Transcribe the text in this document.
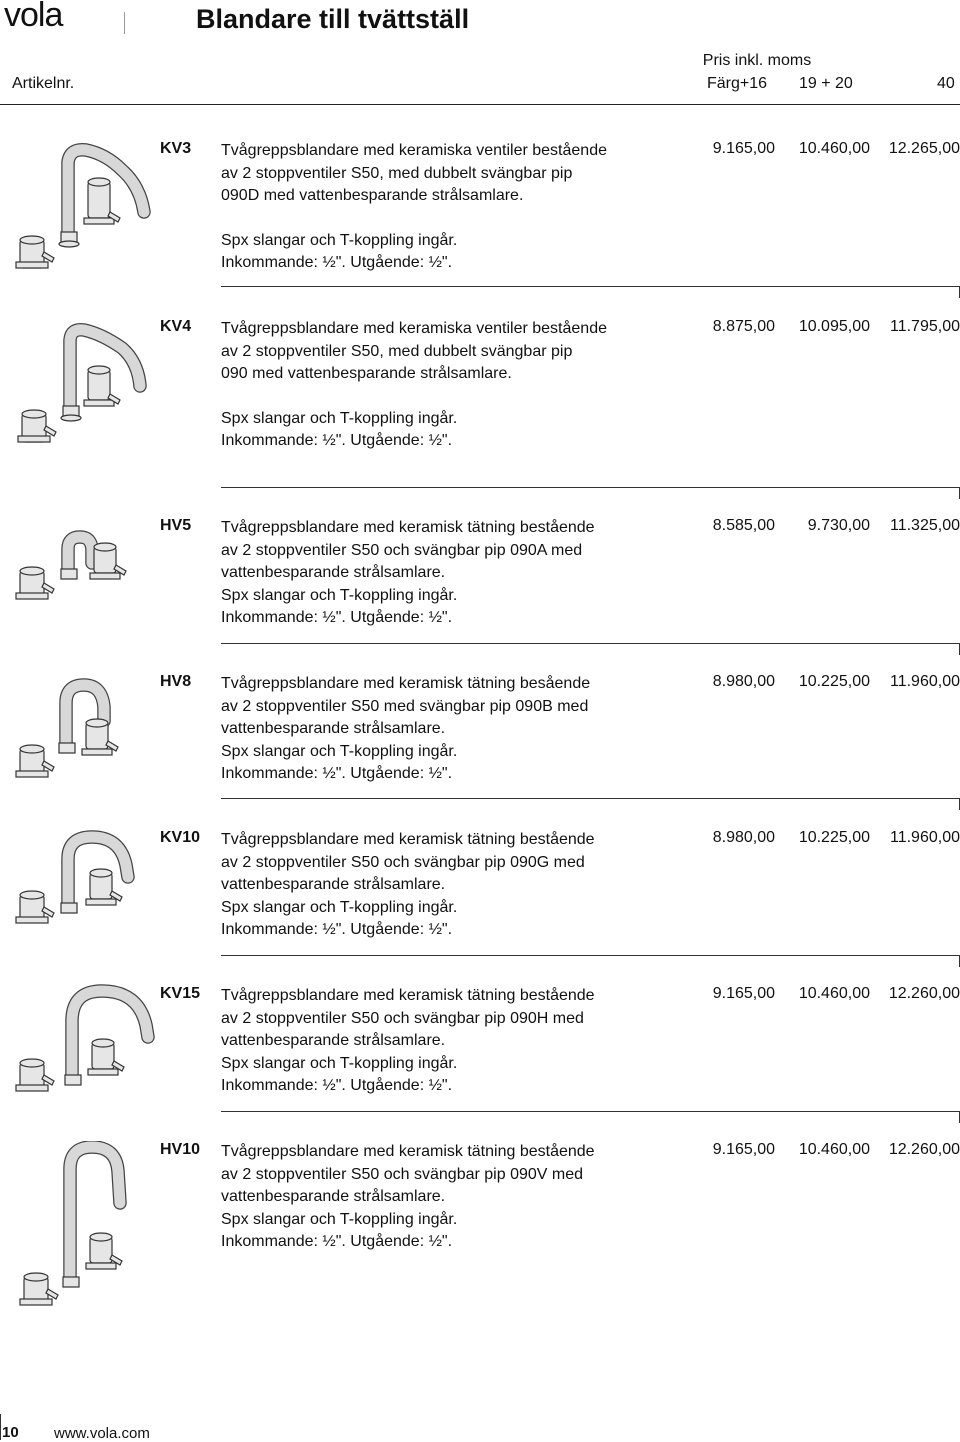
vola	Blandare till tvättställ
Pris inkl. moms
Artikelnr.	Färg+16 19 + 20	40
KV3 Tvågreppsblandare med keramiska ventiler bestående
av 2 stoppventiler S50, med dubbelt svängbar pip
090D med vattenbesparande strålsamlare.
Spx slangar och T-koppling ingår.
Inkommande: ½". Utgående: ½".
9.165,00 10.460,00 12.265,00
KV4 Tvågreppsblandare med keramiska ventiler bestående
av 2 stoppventiler S50, med dubbelt svängbar pip
090 med vattenbesparande strålsamlare.
Spx slangar och T-koppling ingår.
Inkommande: ½". Utgående: ½".
8.875,00 10.095,00 11.795,00
HV5 Tvågreppsblandare med keramisk tätning bestående
av 2 stoppventiler S50 och svängbar pip 090A med
vattenbesparande strålsamlare.
Spx slangar och T-koppling ingår.
Inkommande: ½". Utgående: ½".
8.585,00 9.730,00 11.325,00
HV8 Tvågreppsblandare med keramisk tätning besående
av 2 stoppventiler S50 med svängbar pip 090B med
vattenbesparande strålsamlare.
Spx slangar och T-koppling ingår.
Inkommande: ½". Utgående: ½".
8.980,00 10.225,00 11.960,00
KV10 Tvågreppsblandare med keramisk tätning bestående
av 2 stoppventiler S50 och svängbar pip 090G med
vattenbesparande strålsamlare.
Spx slangar och T-koppling ingår.
Inkommande: ½". Utgående: ½".
8.980,00 10.225,00 11.960,00
KV15 Tvågreppsblandare med keramisk tätning bestående
av 2 stoppventiler S50 och svängbar pip 090H med
vattenbesparande strålsamlare.
Spx slangar och T-koppling ingår.
Inkommande: ½". Utgående: ½".
9.165,00 10.460,00 12.260,00
HV10 Tvågreppsblandare med keramisk tätning bestående
av 2 stoppventiler S50 och svängbar pip 090V med
vattenbesparande strålsamlare.
Spx slangar och T-koppling ingår.
Inkommande: ½". Utgående: ½".
9.165,00 10.460,00 12.260,00
10 www.vola.com
